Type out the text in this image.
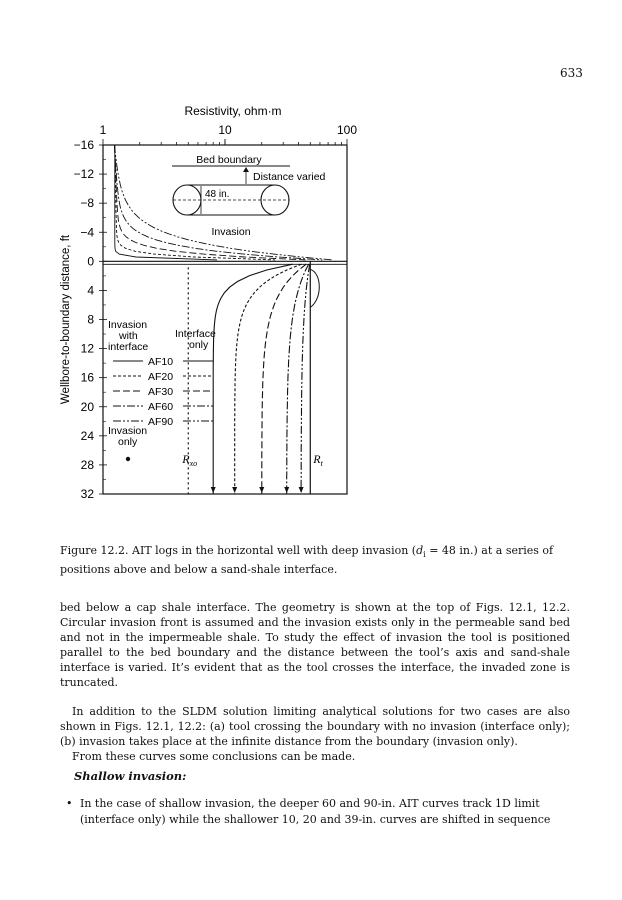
633
Resistivity, ohm·m
1	10	100
−16
−12
−8
−4
0
4
8
12
16
20
24
28
32
Wellbore-to-boundary distance, ft
Bed boundary
Distance varied
48 in.
Invasion
$R_{xo}$	$R_t$
Invasion
with
interface
Interface
only
AF10
AF20
AF30
AF60
AF90
Invasion
only
Figure 12.2. AIT logs in the horizontal well with deep invasion ($d_i = 48$ in.) at a series of positions above and below a sand-shale interface.
bed below a cap shale interface. The geometry is shown at the top of Figs. 12.1, 12.2. Circular invasion front is assumed and the invasion exists only in the permeable sand bed and not in the impermeable shale. To study the effect of invasion the tool is positioned parallel to the bed boundary and the distance between the tool’s axis and sand-shale interface is varied. It’s evident that as the tool crosses the interface, the invaded zone is truncated.
In addition to the SLDM solution limiting analytical solutions for two cases are also shown in Figs. 12.1, 12.2: (a) tool crossing the boundary with no invasion (interface only); (b) invasion takes place at the infinite distance from the boundary (invasion only).
From these curves some conclusions can be made.
Shallow invasion:
• In the case of shallow invasion, the deeper 60 and 90-in. AIT curves track 1D limit (interface only) while the shallower 10, 20 and 39-in. curves are shifted in sequence
